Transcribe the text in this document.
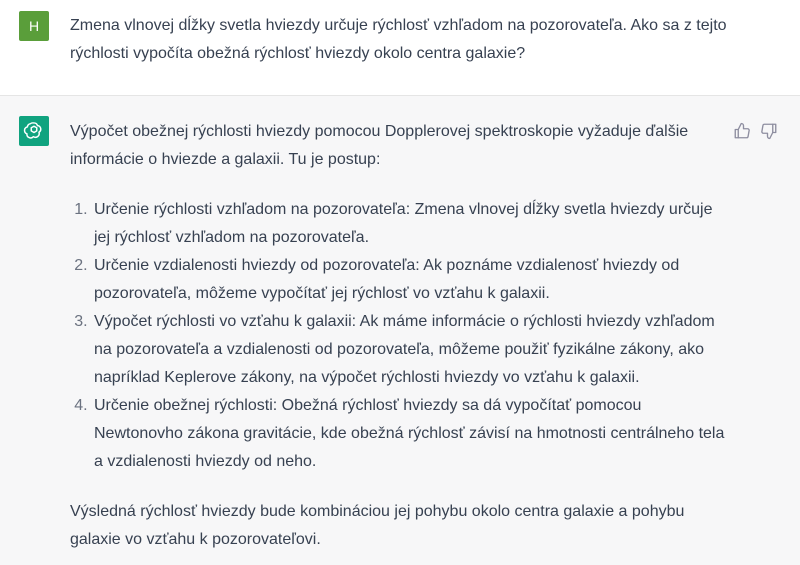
H	Zmena vlnovej dĺžky svetla hviezdy určuje rýchlosť vzhľadom na pozorovateľa. Ako sa z tejto rýchlosti vypočíta obežná rýchlosť hviezdy okolo centra galaxie?

Výpočet obežnej rýchlosti hviezdy pomocou Dopplerovej spektroskopie vyžaduje ďalšie informácie o hviezde a galaxii. Tu je postup:

1. Určenie rýchlosti vzhľadom na pozorovateľa: Zmena vlnovej dĺžky svetla hviezdy určuje jej rýchlosť vzhľadom na pozorovateľa.
2. Určenie vzdialenosti hviezdy od pozorovateľa: Ak poznáme vzdialenosť hviezdy od pozorovateľa, môžeme vypočítať jej rýchlosť vo vzťahu k galaxii.
3. Výpočet rýchlosti vo vzťahu k galaxii: Ak máme informácie o rýchlosti hviezdy vzhľadom na pozorovateľa a vzdialenosti od pozorovateľa, môžeme použiť fyzikálne zákony, ako napríklad Keplerove zákony, na výpočet rýchlosti hviezdy vo vzťahu k galaxii.
4. Určenie obežnej rýchlosti: Obežná rýchlosť hviezdy sa dá vypočítať pomocou Newtonovho zákona gravitácie, kde obežná rýchlosť závisí na hmotnosti centrálneho tela a vzdialenosti hviezdy od neho.

Výsledná rýchlosť hviezdy bude kombináciou jej pohybu okolo centra galaxie a pohybu galaxie vo vzťahu k pozorovateľovi.
